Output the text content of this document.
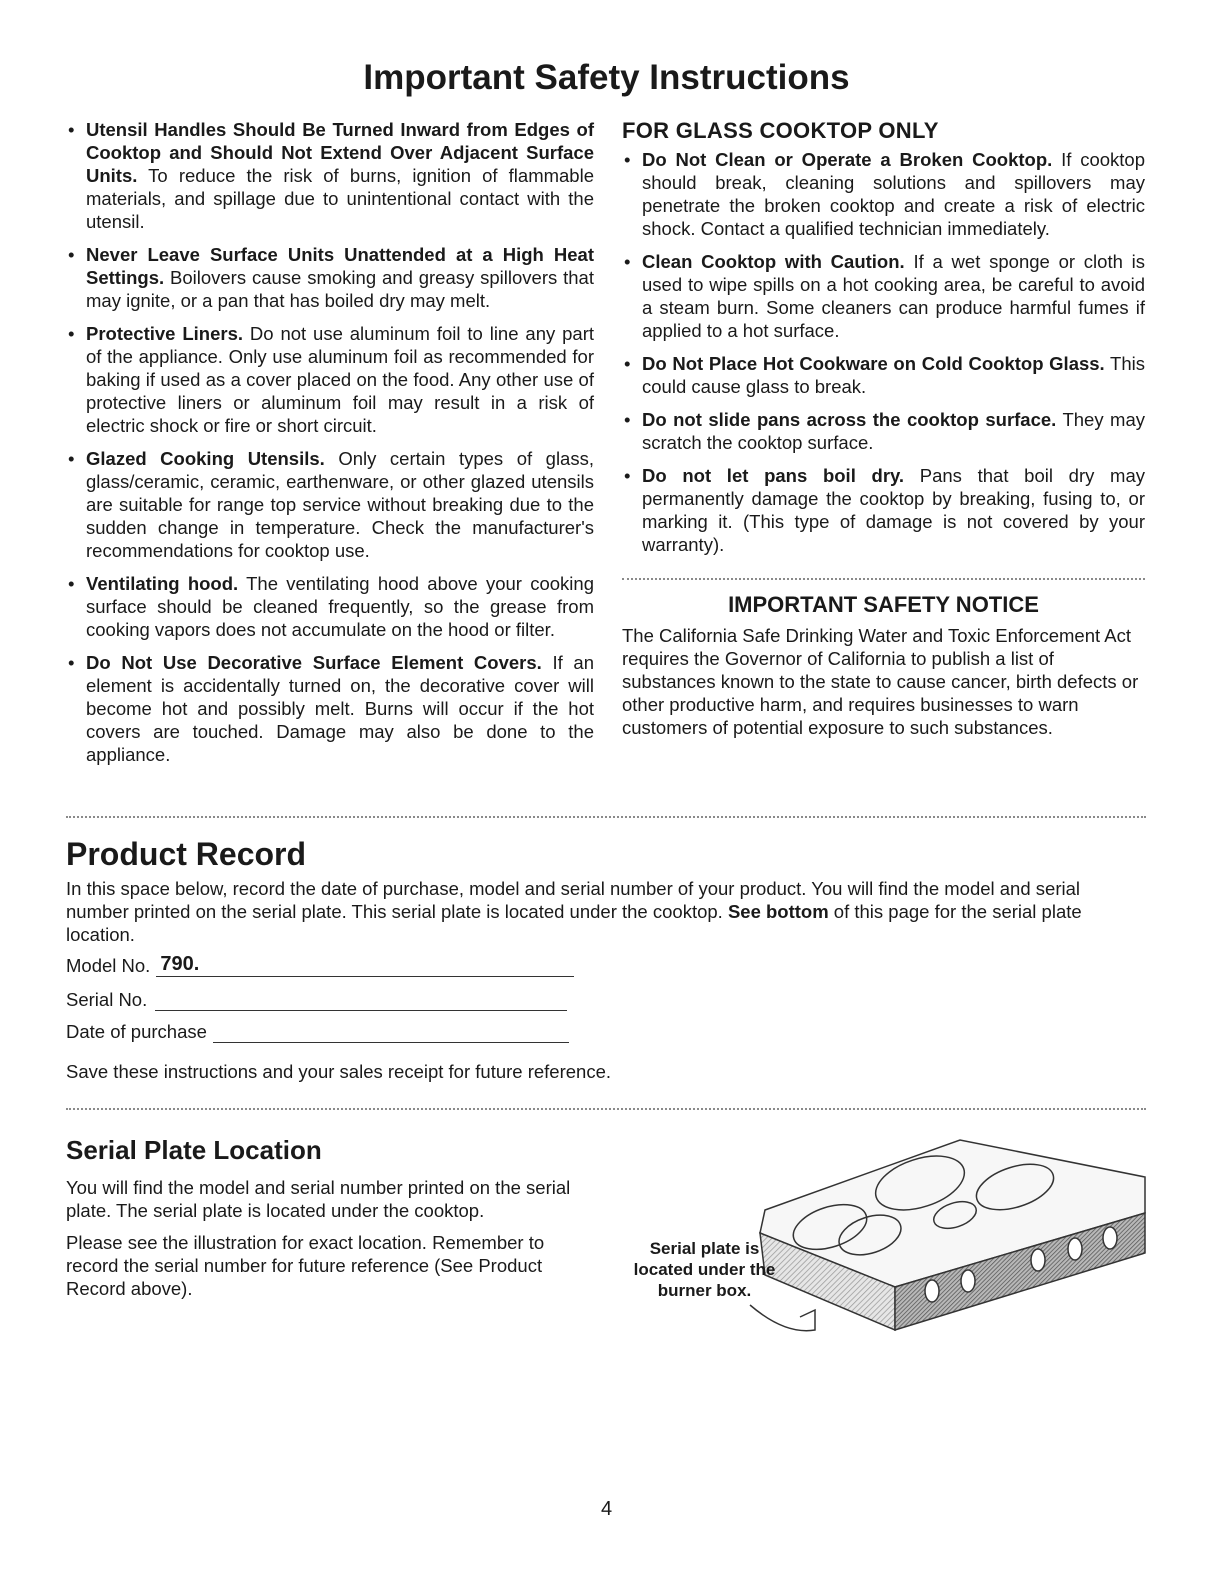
Important Safety Instructions
• Utensil Handles Should Be Turned Inward from Edges of Cooktop and Should Not Extend Over Adjacent Surface Units. To reduce the risk of burns, ignition of flammable materials, and spillage due to unintentional contact with the utensil.
• Never Leave Surface Units Unattended at a High Heat Settings. Boilovers cause smoking and greasy spillovers that may ignite, or a pan that has boiled dry may melt.
• Protective Liners. Do not use aluminum foil to line any part of the appliance. Only use aluminum foil as recommended for baking if used as a cover placed on the food. Any other use of protective liners or aluminum foil may result in a risk of electric shock or fire or short circuit.
• Glazed Cooking Utensils. Only certain types of glass, glass/ceramic, ceramic, earthenware, or other glazed utensils are suitable for range top service without breaking due to the sudden change in temperature. Check the manufacturer's recommendations for cooktop use.
• Ventilating hood. The ventilating hood above your cooking surface should be cleaned frequently, so the grease from cooking vapors does not accumulate on the hood or filter.
• Do Not Use Decorative Surface Element Covers. If an element is accidentally turned on, the decorative cover will become hot and possibly melt. Burns will occur if the hot covers are touched. Damage may also be done to the appliance.
FOR GLASS COOKTOP ONLY
• Do Not Clean or Operate a Broken Cooktop. If cooktop should break, cleaning solutions and spillovers may penetrate the broken cooktop and create a risk of electric shock. Contact a qualified technician immediately.
• Clean Cooktop with Caution. If a wet sponge or cloth is used to wipe spills on a hot cooking area, be careful to avoid a steam burn. Some cleaners can produce harmful fumes if applied to a hot surface.
• Do Not Place Hot Cookware on Cold Cooktop Glass. This could cause glass to break.
• Do not slide pans across the cooktop surface. They may scratch the cooktop surface.
• Do not let pans boil dry. Pans that boil dry may permanently damage the cooktop by breaking, fusing to, or marking it. (This type of damage is not covered by your warranty).
IMPORTANT SAFETY NOTICE

The California Safe Drinking Water and Toxic Enforcement Act requires the Governor of California to publish a list of substances known to the state to cause cancer, birth defects or other productive harm, and requires businesses to warn customers of potential exposure to such substances.

Product Record

In this space below, record the date of purchase, model and serial number of your product. You will find the model and serial number printed on the serial plate. This serial plate is located under the cooktop. See bottom of this page for the serial plate location.

Model No. 790.
Serial No.
Date of purchase

Save these instructions and your sales receipt for future reference.

Serial Plate Location

You will find the model and serial number printed on the serial plate. The serial plate is located under the cooktop.

Please see the illustration for exact location. Remember to record the serial number for future reference (See Product Record above).

Serial plate is located under the burner box.
4
